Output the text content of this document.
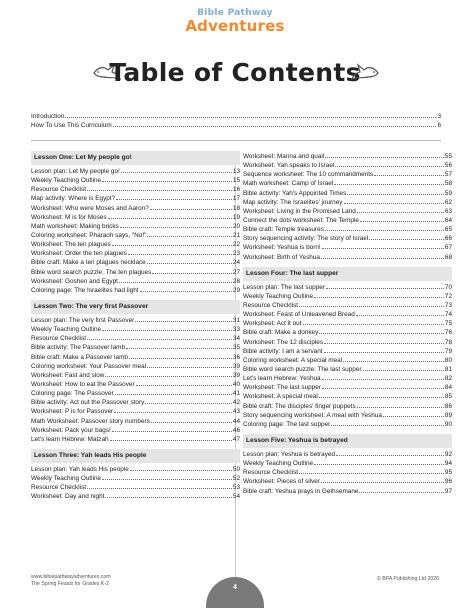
Bible Pathway
Adventures
Table of Contents
Introduction	3
How To Use This Curriculum	6
Lesson One: Let My people go!
Lesson plan: Let My people go!	13
Weekly Teaching Outline	15
Resource Checklist	16
Map activity: Where is Egypt?	17
Worksheet: Who were Moses and Aaron?	18
Worksheet: M is for Moses	19
Math worksheet: Making bricks	20
Coloring worksheet: Pharaoh says, "No!"	21
Worksheet: The ten plagues	22
Worksheet: Order the ten plagues	23
Bible craft: Make a ten plagues necklace	24
Bible word search puzzle: The ten plagues	27
Worksheet: Goshen and Egypt	28
Coloring page: The Israelites had light	29
Lesson Two: The very first Passover
Lesson plan: The very first Passover	31
Weekly Teaching Outline	33
Resource Checklist	34
Bible activity: The Passover lamb	35
Bible craft: Make a Passover lamb	36
Coloring worksheet: Your Passover meal	39
Worksheet: Fast and slow	39
Worksheet: How to eat the Passover	40
Coloring page: The Passover	41
Bible activity: Act out the Passover story	42
Worksheet: P is for Passover	43
Math Worksheet: Passover story numbers	44
Worksheet: Pack your bags!	46
Let's learn Hebrew: Matzah	47
Lesson Three: Yah leads His people
Lesson plan: Yah leads His people	50
Weekly Teaching Outline	52
Resource Checklist	53
Worksheet: Day and night	54
Worksheet: Manna and quail	55
Worksheet: Yah speaks to Israel	56
Sequence worksheet: The 10 commandments	57
Math worksheet: Camp of Israel	58
Bible activity: Yah's Appointed Times	59
Map activity: The Israelites' journey	62
Worksheet: Living in the Promised Land	63
Connect the dots worksheet: The Temple	64
Bible craft: Temple treasures	65
Story sequencing activity: The story of Israel	66
Worksheet: Yeshua is born!	67
Worksheet: Birth of Yeshua	68
Lesson Four: The last supper
Lesson plan: The last supper	70
Weekly Teaching Outline	72
Resource Checklist	73
Worksheet: Feast of Unleavened Bread	74
Worksheet: Act it out	75
Bible craft: Make a donkey	76
Worksheet: The 12 disciples	78
Bible activity: I am a servant	79
Coloring worksheet: A special meal	80
Bible word search puzzle: The last supper	81
Let's learn Hebrew: Yeshua	82
Worksheet: The last supper	84
Worksheet: A special meal	85
Bible craft: The disciples' finger puppets	86
Story sequencing worksheet: A meal with Yeshua	89
Coloring page: The last supper	90
Lesson Five: Yeshua is betrayed
Lesson plan: Yeshua is betrayed	92
Weekly Teaching Outline	94
Resource Checklist	95
Worksheet: Pieces of silver	96
Bible craft: Yeshua prays in Gethsemane	97
www.biblepathwayadventures.com
The Spring Feasts for Grades K-2	4
© BPA Publishing Ltd 2026
